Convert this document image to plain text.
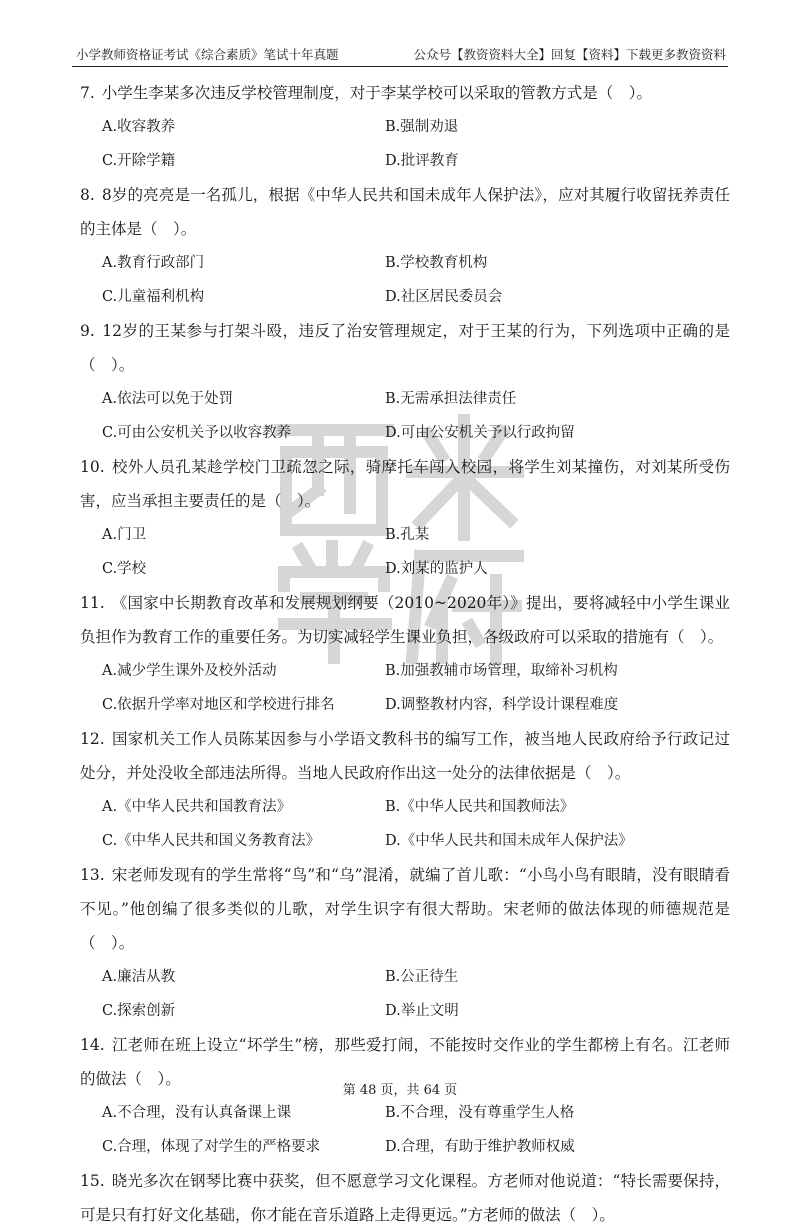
小学教师资格证考试《综合素质》笔试十年真题	公众号【教资资料大全】回复【资料】下载更多教资资料
7. 小学生李某多次违反学校管理制度，对于李某学校可以采取的管教方式是（　）。
A.收容教养	B.强制劝退
C.开除学籍	D.批评教育
8. 8岁的亮亮是一名孤儿，根据《中华人民共和国未成年人保护法》，应对其履行收留抚养责任的主体是（　）。
A.教育行政部门	B.学校教育机构
C.儿童福利机构	D.社区居民委员会
9. 12岁的王某参与打架斗殴，违反了治安管理规定，对于王某的行为，下列选项中正确的是（　）。
A.依法可以免于处罚	B.无需承担法律责任
C.可由公安机关予以收容教养	D.可由公安机关予以行政拘留
10. 校外人员孔某趁学校门卫疏忽之际，骑摩托车闯入校园，将学生刘某撞伤，对刘某所受伤害，应当承担主要责任的是（　）。
A.门卫	B.孔某
C.学校	D.刘某的监护人
11. 《国家中长期教育改革和发展规划纲要（2010~2020年）》提出，要将减轻中小学生课业负担作为教育工作的重要任务。为切实减轻学生课业负担，各级政府可以采取的措施有（　）。
A.减少学生课外及校外活动	B.加强教辅市场管理，取缔补习机构
C.依据升学率对地区和学校进行排名	D.调整教材内容，科学设计课程难度
12. 国家机关工作人员陈某因参与小学语文教科书的编写工作，被当地人民政府给予行政记过处分，并处没收全部违法所得。当地人民政府作出这一处分的法律依据是（　）。
A.《中华人民共和国教育法》	B.《中华人民共和国教师法》
C.《中华人民共和国义务教育法》	D.《中华人民共和国未成年人保护法》
13. 宋老师发现有的学生常将“鸟”和“乌”混淆，就编了首儿歌：“小鸟小鸟有眼睛，没有眼睛看不见。”他创编了很多类似的儿歌，对学生识字有很大帮助。宋老师的做法体现的师德规范是（　）。
A.廉洁从教	B.公正待生
C.探索创新	D.举止文明
14. 江老师在班上设立“坏学生”榜，那些爱打闹，不能按时交作业的学生都榜上有名。江老师的做法（　）。
A.不合理，没有认真备课上课	B.不合理，没有尊重学生人格
C.合理，体现了对学生的严格要求	D.合理，有助于维护教师权威
15. 晓光多次在钢琴比赛中获奖，但不愿意学习文化课程。方老师对他说道：“特长需要保持，可是只有打好文化基础，你才能在音乐道路上走得更远。”方老师的做法（　）。
第 48 页，共 64 页
